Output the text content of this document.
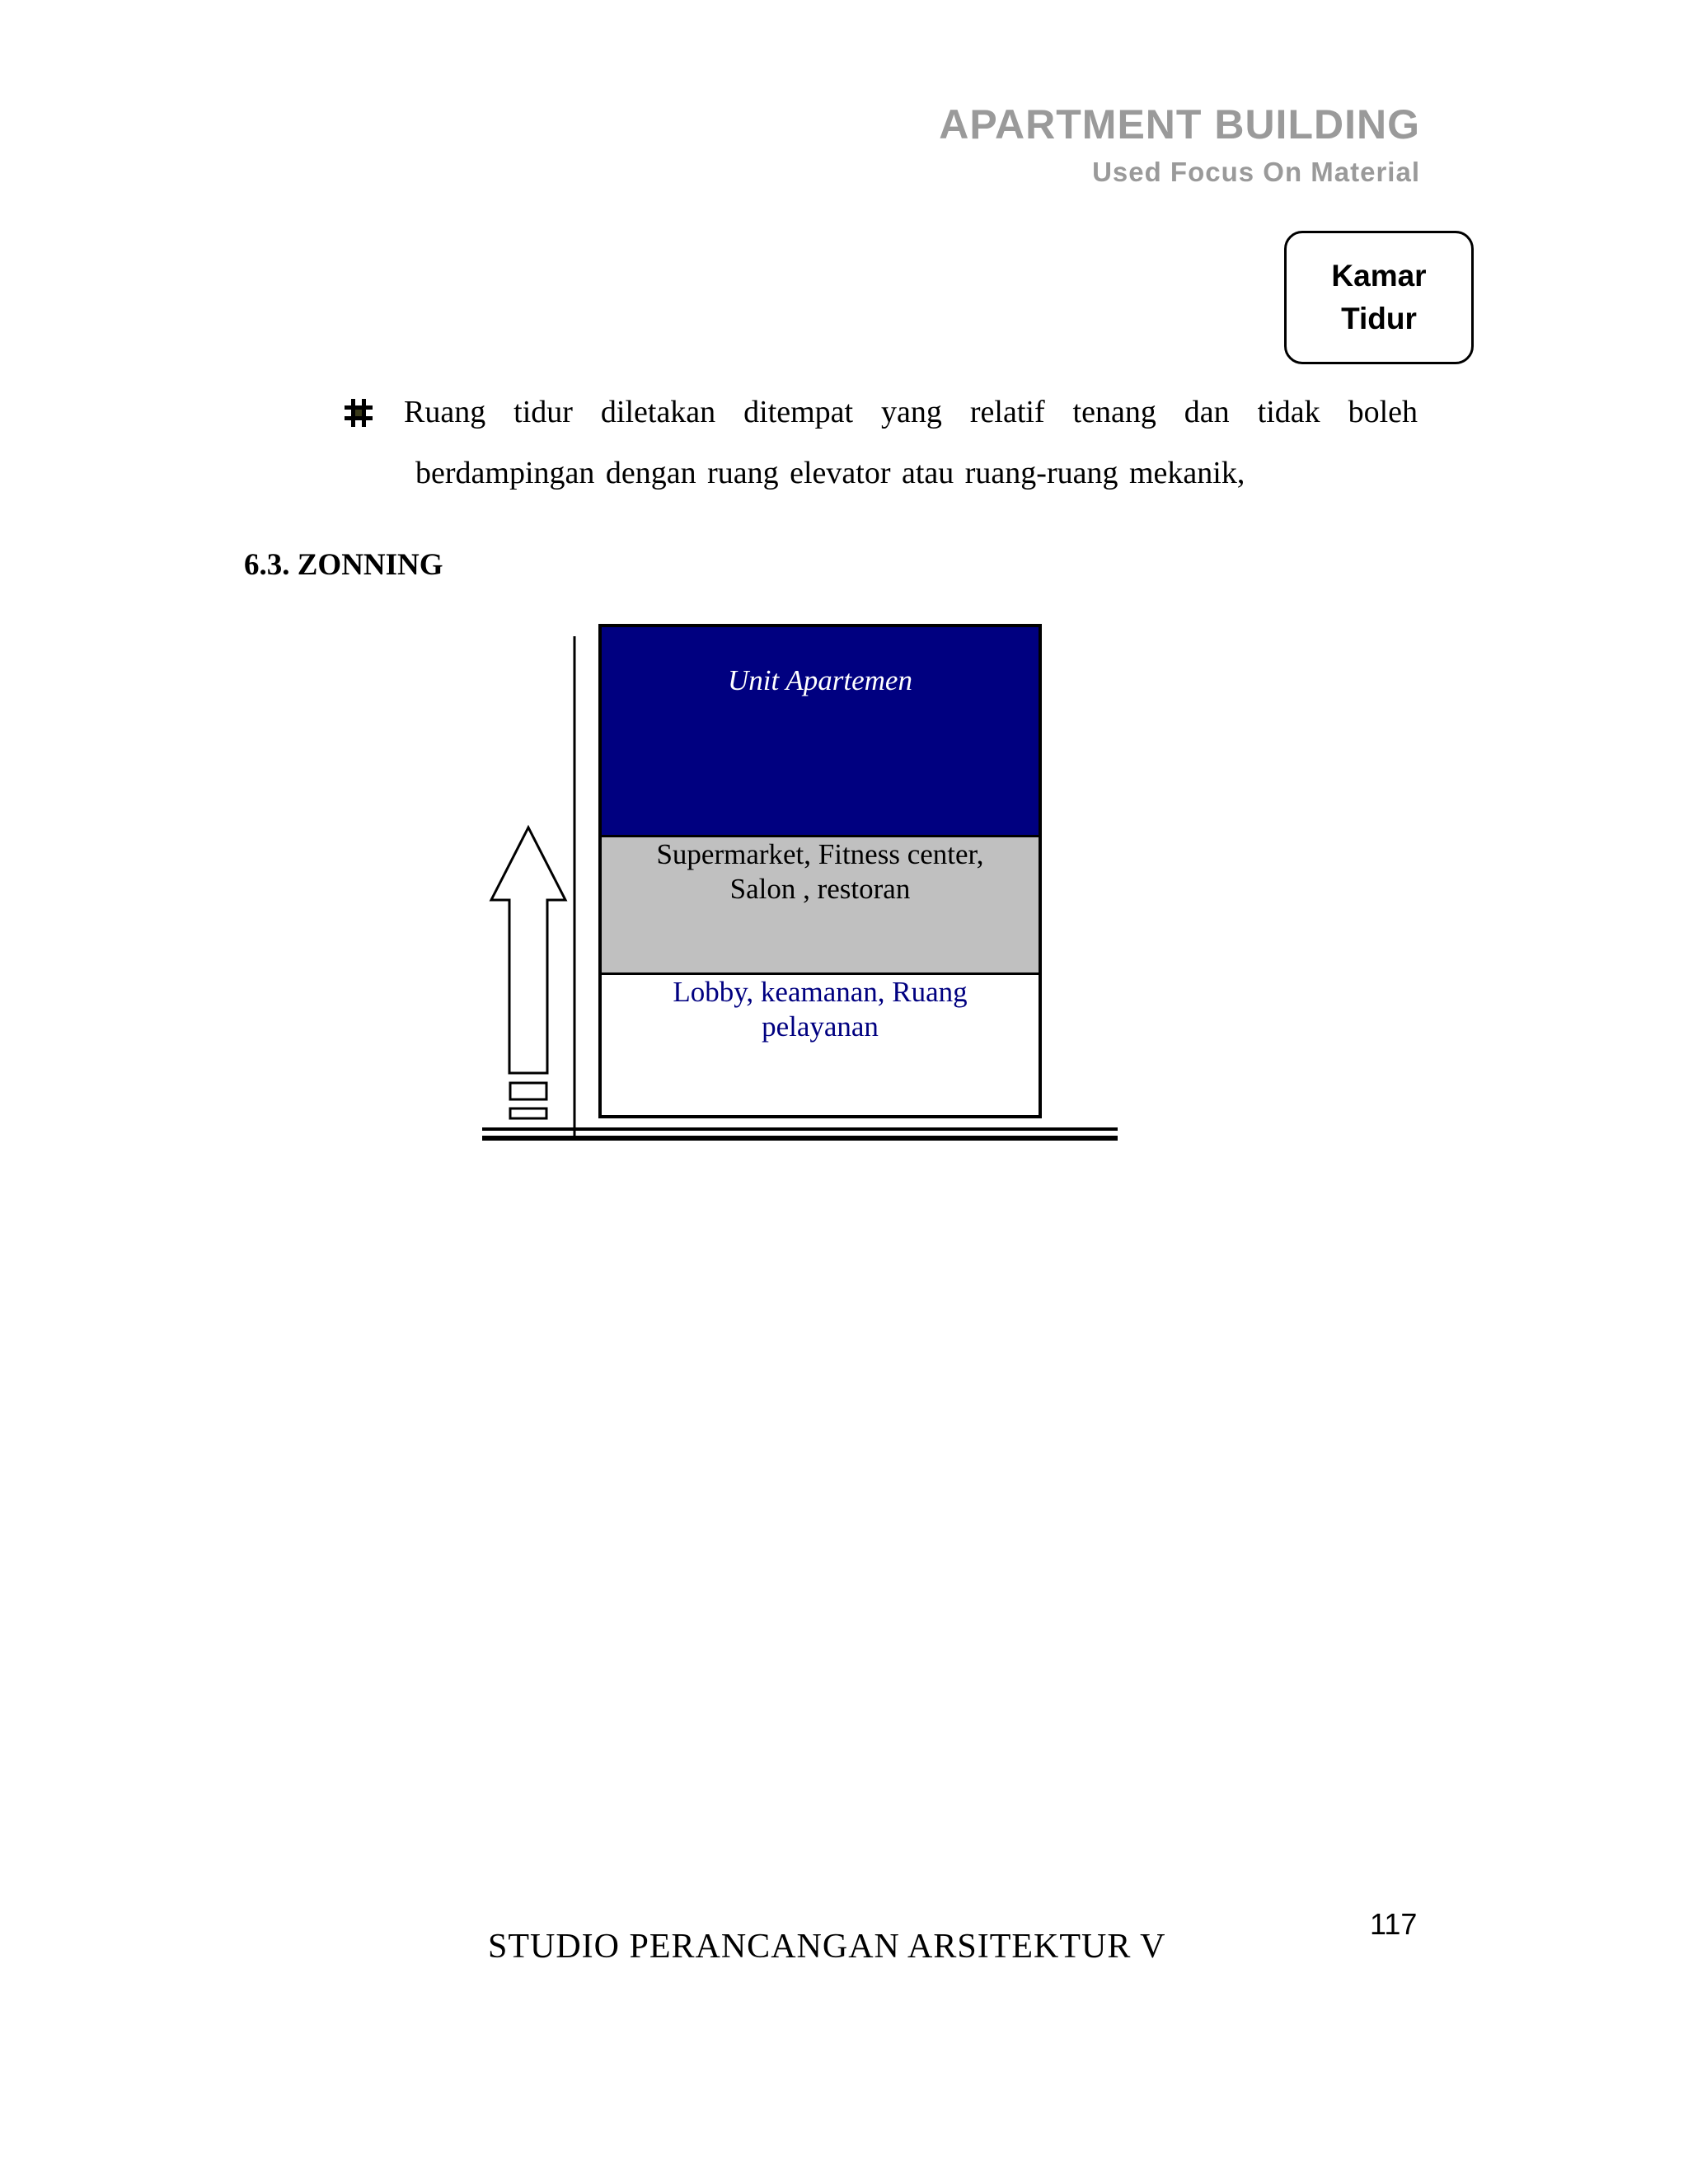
APARTMENT BUILDING
Used Focus On Material
Kamar
Tidur
Ruang tidur diletakan ditempat yang relatif tenang dan tidak boleh
berdampingan dengan ruang elevator atau ruang-ruang mekanik,
6.3. ZONNING
Unit Apartemen
Supermarket, Fitness center,
Salon , restoran
Lobby, keamanan, Ruang
pelayanan
117
STUDIO PERANCANGAN ARSITEKTUR V
